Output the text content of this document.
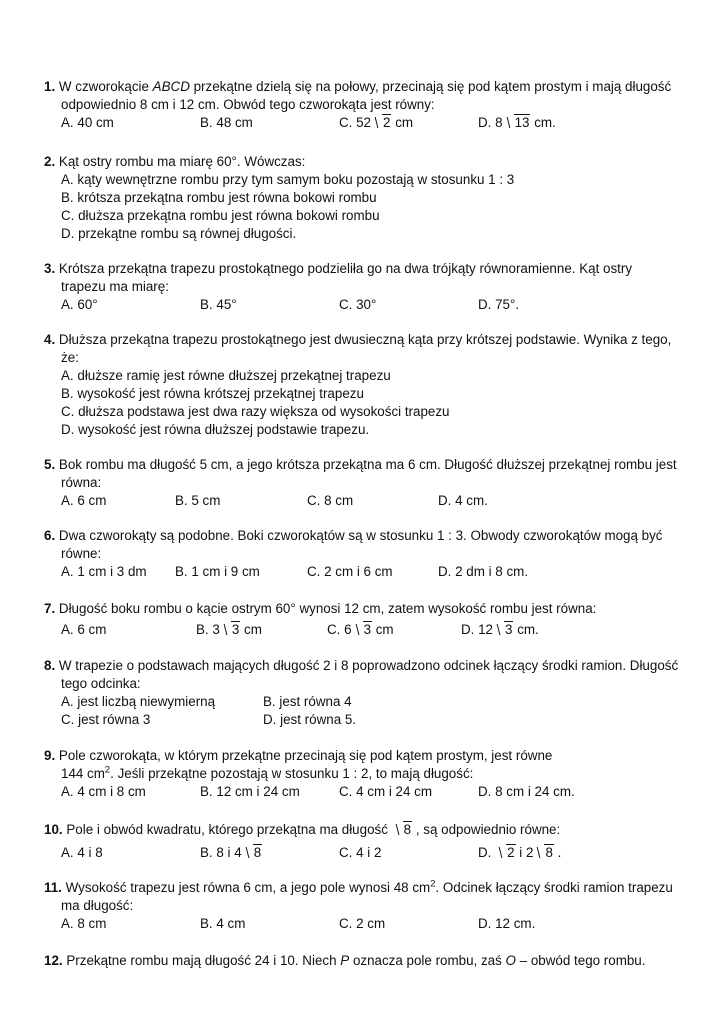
1. W czworokącie ABCD przekątne dzielą się na połowy, przecinają się pod kątem prostym i mają długość
odpowiednio 8 cm i 12 cm. Obwód tego czworokąta jest równy:
A. 40 cm	B. 48 cm	C. 52 2 cm	D. 8 13 cm.
2. Kąt ostry rombu ma miarę 60°. Wówczas:
A. kąty wewnętrzne rombu przy tym samym boku pozostają w stosunku 1 : 3
B. krótsza przekątna rombu jest równa bokowi rombu
C. dłuższa przekątna rombu jest równa bokowi rombu
D. przekątne rombu są równej długości.
3. Krótsza przekątna trapezu prostokątnego podzieliła go na dwa trójkąty równoramienne. Kąt ostry
trapezu ma miarę:
A. 60°	B. 45°	C. 30°	D. 75°.
4. Dłuższa przekątna trapezu prostokątnego jest dwusieczną kąta przy krótszej podstawie. Wynika z tego,
że:
A. dłuższe ramię jest równe dłuższej przekątnej trapezu
B. wysokość jest równa krótszej przekątnej trapezu
C. dłuższa podstawa jest dwa razy większa od wysokości trapezu
D. wysokość jest równa dłuższej podstawie trapezu.
5. Bok rombu ma długość 5 cm, a jego krótsza przekątna ma 6 cm. Długość dłuższej przekątnej rombu jest
równa:
A. 6 cm	B. 5 cm	C. 8 cm	D. 4 cm.
6. Dwa czworokąty są podobne. Boki czworokątów są w stosunku 1 : 3. Obwody czworokątów mogą być
równe:
A. 1 cm i 3 dm B. 1 cm i 9 cm	C. 2 cm i 6 cm	D. 2 dm i 8 cm.
7. Długość boku rombu o kącie ostrym 60° wynosi 12 cm, zatem wysokość rombu jest równa:
A. 6 cm	B. 3 3 cm	C. 6 3 cm	D. 12 3 cm.
8. W trapezie o podstawach mających długość 2 i 8 poprowadzono odcinek łączący środki ramion. Długość
tego odcinka:
A. jest liczbą niewymierną	B. jest równa 4
C. jest równa 3	D. jest równa 5.
9. Pole czworokąta, w którym przekątne przecinają się pod kątem prostym, jest równe
144 $cm^2$. Jeśli przekątne pozostają w stosunku 1 : 2, to mają długość:
A. 4 cm i 8 cm	B. 12 cm i 24 cm	C. 4 cm i 24 cm	D. 8 cm i 24 cm.
10. Pole i obwód kwadratu, którego przekątna ma długość 8 , są odpowiednio równe:
A. 4 i 8	B. 8 i 4 8	C. 4 i 2	D. 2 i 2 8 .
11. Wysokość trapezu jest równa 6 cm, a jego pole wynosi 48 $cm^2$. Odcinek łączący środki ramion trapezu
ma długość:
A. 8 cm	B. 4 cm	C. 2 cm	D. 12 cm.
12. Przekątne rombu mają długość 24 i 10. Niech P oznacza pole rombu, zaś O – obwód tego rombu.
